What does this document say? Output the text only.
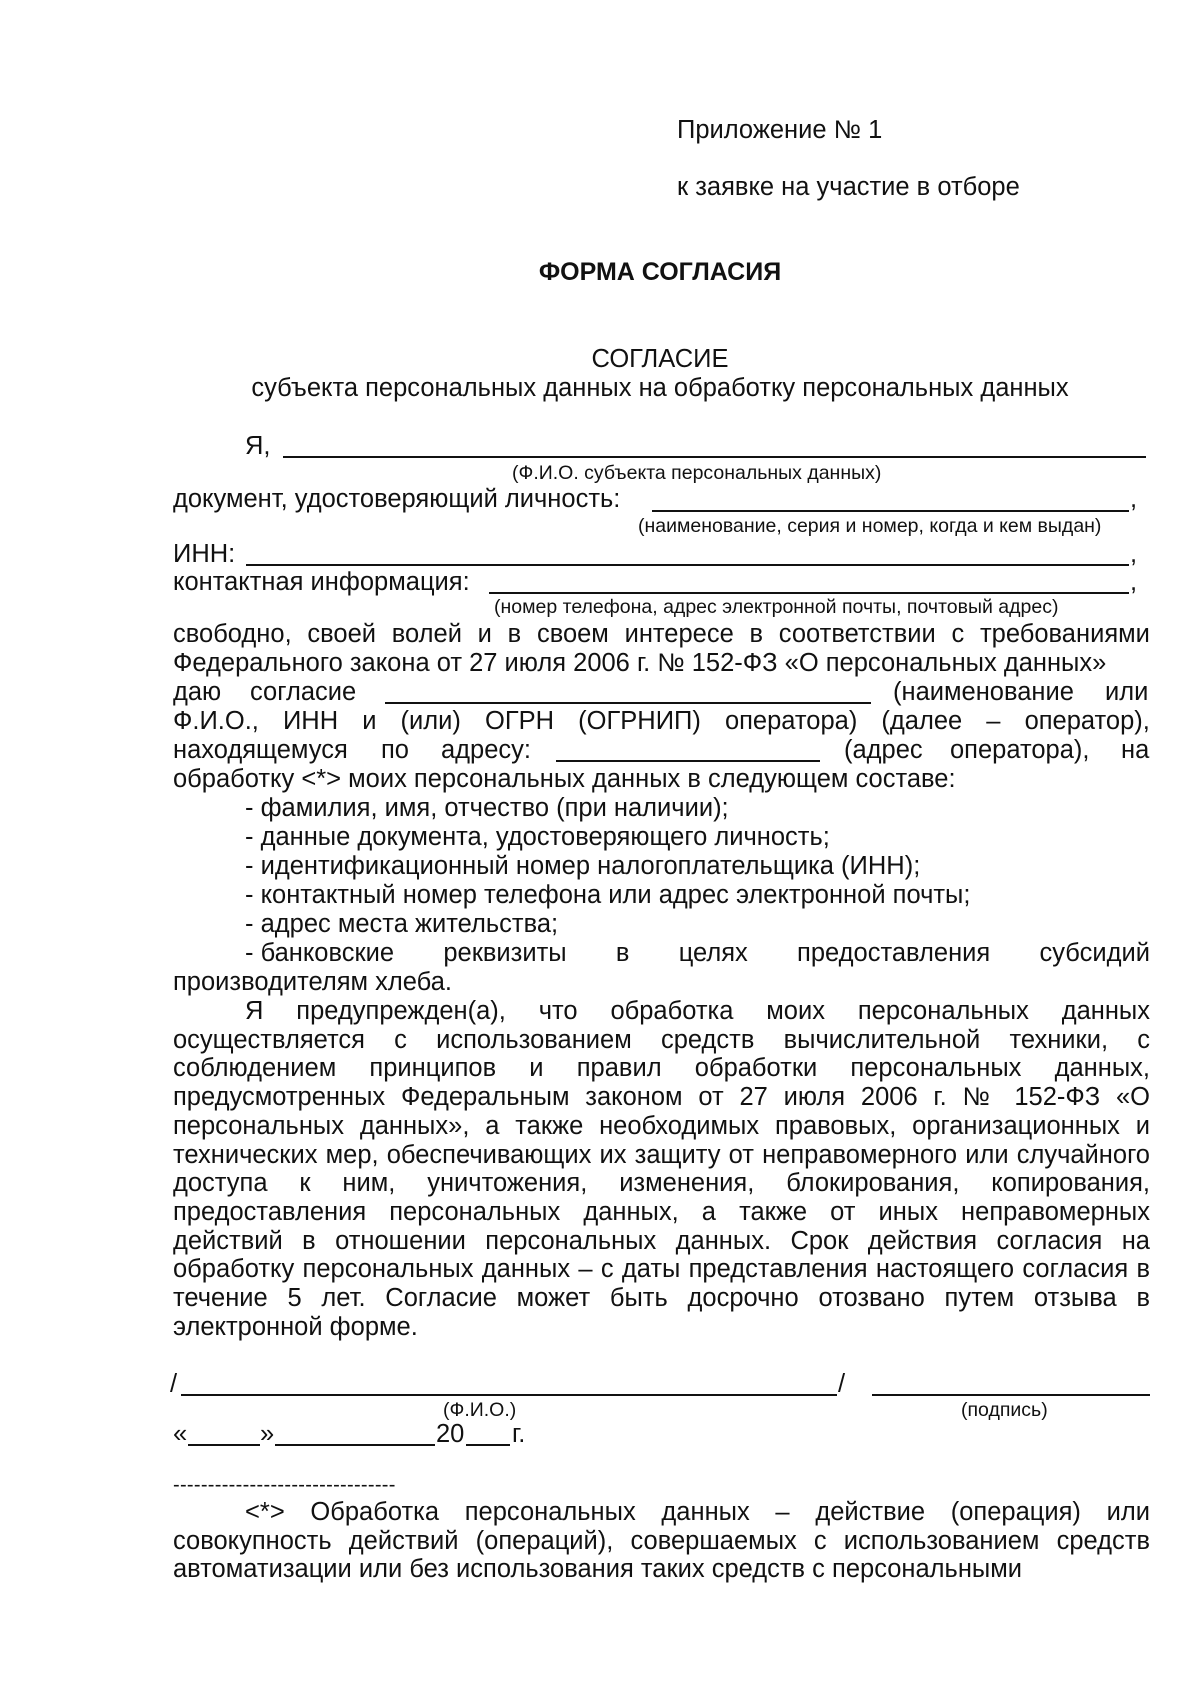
Приложение № 1
к заявке на участие в отборе
ФОРМА СОГЛАСИЯ
СОГЛАСИЕ
субъекта персональных данных на обработку персональных данных
Я,
(Ф.И.О. субъекта персональных данных)
документ, удостоверяющий личность:	,
(наименование, серия и номер, когда и кем выдан)
ИНН:	,
контактная информация:	,
(номер телефона, адрес электронной почты, почтовый адрес)
свободно, своей волей и в своем интересе в соответствии с требованиями
Федерального закона от 27 июля 2006 г. № 152-ФЗ «О персональных данных»
даю согласие	(наименование или
Ф.И.О., ИНН и (или) ОГРН (ОГРНИП) оператора) (далее – оператор),
находящемуся по адресу:	(адрес оператора), на
обработку <*> моих персональных данных в следующем составе:
- фамилия, имя, отчество (при наличии);
- данные документа, удостоверяющего личность;
- идентификационный номер налогоплательщика (ИНН);
- контактный номер телефона или адрес электронной почты;
- адрес места жительства;
- банковские реквизиты в целях предоставления субсидий
производителям хлеба.
Я предупрежден(а), что обработка моих персональных данных осуществляется с использованием средств вычислительной техники, с соблюдением принципов и правил обработки персональных данных, предусмотренных Федеральным законом от 27 июля 2006 г. № 152-ФЗ «О персональных данных», а также необходимых правовых, организационных и технических мер, обеспечивающих их защиту от неправомерного или случайного доступа к ним, уничтожения, изменения, блокирования, копирования, предоставления персональных данных, а также от иных неправомерных действий в отношении персональных данных. Срок действия согласия на обработку персональных данных – с даты представления настоящего согласия в течение 5 лет. Согласие может быть досрочно отозвано путем отзыва в электронной форме.
/	/
(Ф.И.О.)	(подпись)
«	»	20 г.
--------------------------------
<*> Обработка персональных данных – действие (операция) или совокупность действий (операций), совершаемых с использованием средств автоматизации или без использования таких средств с персональными
